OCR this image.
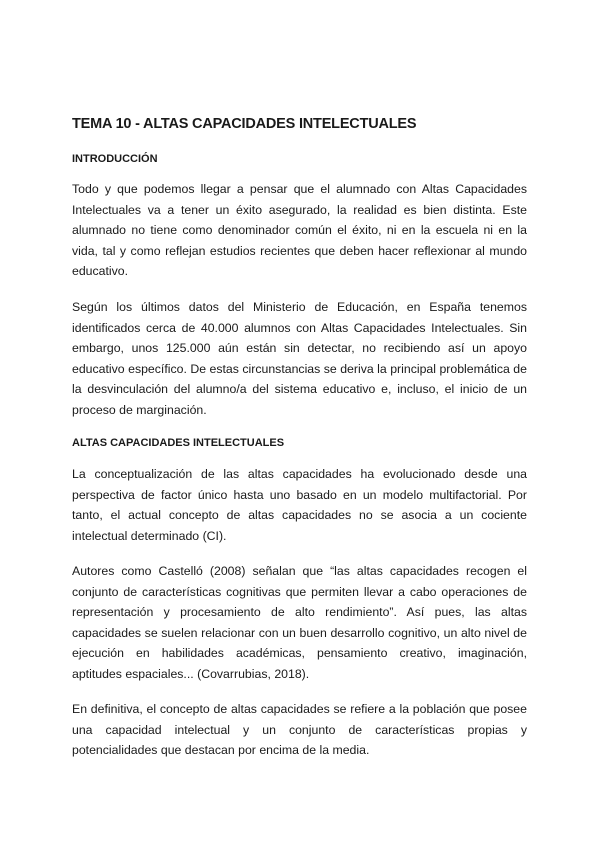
TEMA 10 - ALTAS CAPACIDADES INTELECTUALES
INTRODUCCIÓN

Todo y que podemos llegar a pensar que el alumnado con Altas Capacidades Intelectuales va a tener un éxito asegurado, la realidad es bien distinta. Este alumnado no tiene como denominador común el éxito, ni en la escuela ni en la vida, tal y como reflejan estudios recientes que deben hacer reflexionar al mundo educativo.

Según los últimos datos del Ministerio de Educación, en España tenemos identificados cerca de 40.000 alumnos con Altas Capacidades Intelectuales. Sin embargo, unos 125.000 aún están sin detectar, no recibiendo así un apoyo educativo específico. De estas circunstancias se deriva la principal problemática de la desvinculación del alumno/a del sistema educativo e, incluso, el inicio de un proceso de marginación.

ALTAS CAPACIDADES INTELECTUALES

La conceptualización de las altas capacidades ha evolucionado desde una perspectiva de factor único hasta uno basado en un modelo multifactorial. Por tanto, el actual concepto de altas capacidades no se asocia a un cociente intelectual determinado (CI).

Autores como Castelló (2008) señalan que “las altas capacidades recogen el conjunto de características cognitivas que permiten llevar a cabo operaciones de representación y procesamiento de alto rendimiento”. Así pues, las altas capacidades se suelen relacionar con un buen desarrollo cognitivo, un alto nivel de ejecución en habilidades académicas, pensamiento creativo, imaginación, aptitudes espaciales... (Covarrubias, 2018).

En definitiva, el concepto de altas capacidades se refiere a la población que posee una capacidad intelectual y un conjunto de características propias y potencialidades que destacan por encima de la media.
